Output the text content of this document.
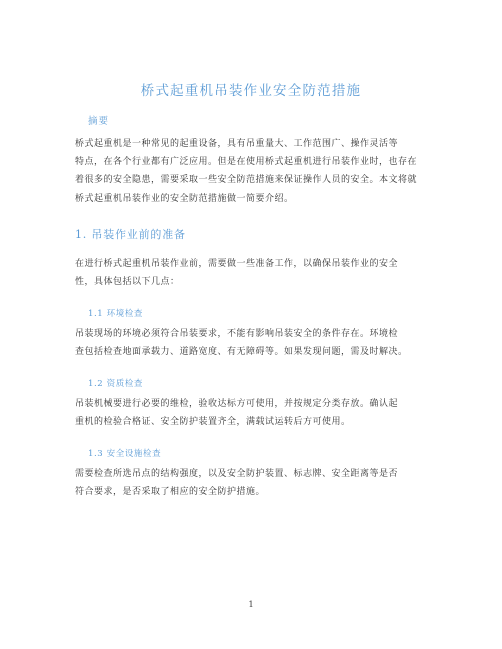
桥式起重机吊装作业安全防范措施
摘要
桥式起重机是一种常见的起重设备，具有吊重量大、工作范围广、操作灵活等
特点，在各个行业都有广泛应用。但是在使用桥式起重机进行吊装作业时，也存在
着很多的安全隐患，需要采取一些安全防范措施来保证操作人员的安全。本文将就
桥式起重机吊装作业的安全防范措施做一简要介绍。
1. 吊装作业前的准备
在进行桥式起重机吊装作业前，需要做一些准备工作，以确保吊装作业的安全
性，具体包括以下几点：
1.1 环境检查
吊装现场的环境必须符合吊装要求，不能有影响吊装安全的条件存在。环境检
查包括检查地面承载力、道路宽度、有无障碍等。如果发现问题，需及时解决。
1.2 资质检查
吊装机械要进行必要的维检，验收达标方可使用，并按规定分类存放。确认起
重机的检验合格证、安全防护装置齐全，满载试运转后方可使用。
1.3 安全设施检查
需要检查所选吊点的结构强度，以及安全防护装置、标志牌、安全距离等是否
符合要求，是否采取了相应的安全防护措施。
1
